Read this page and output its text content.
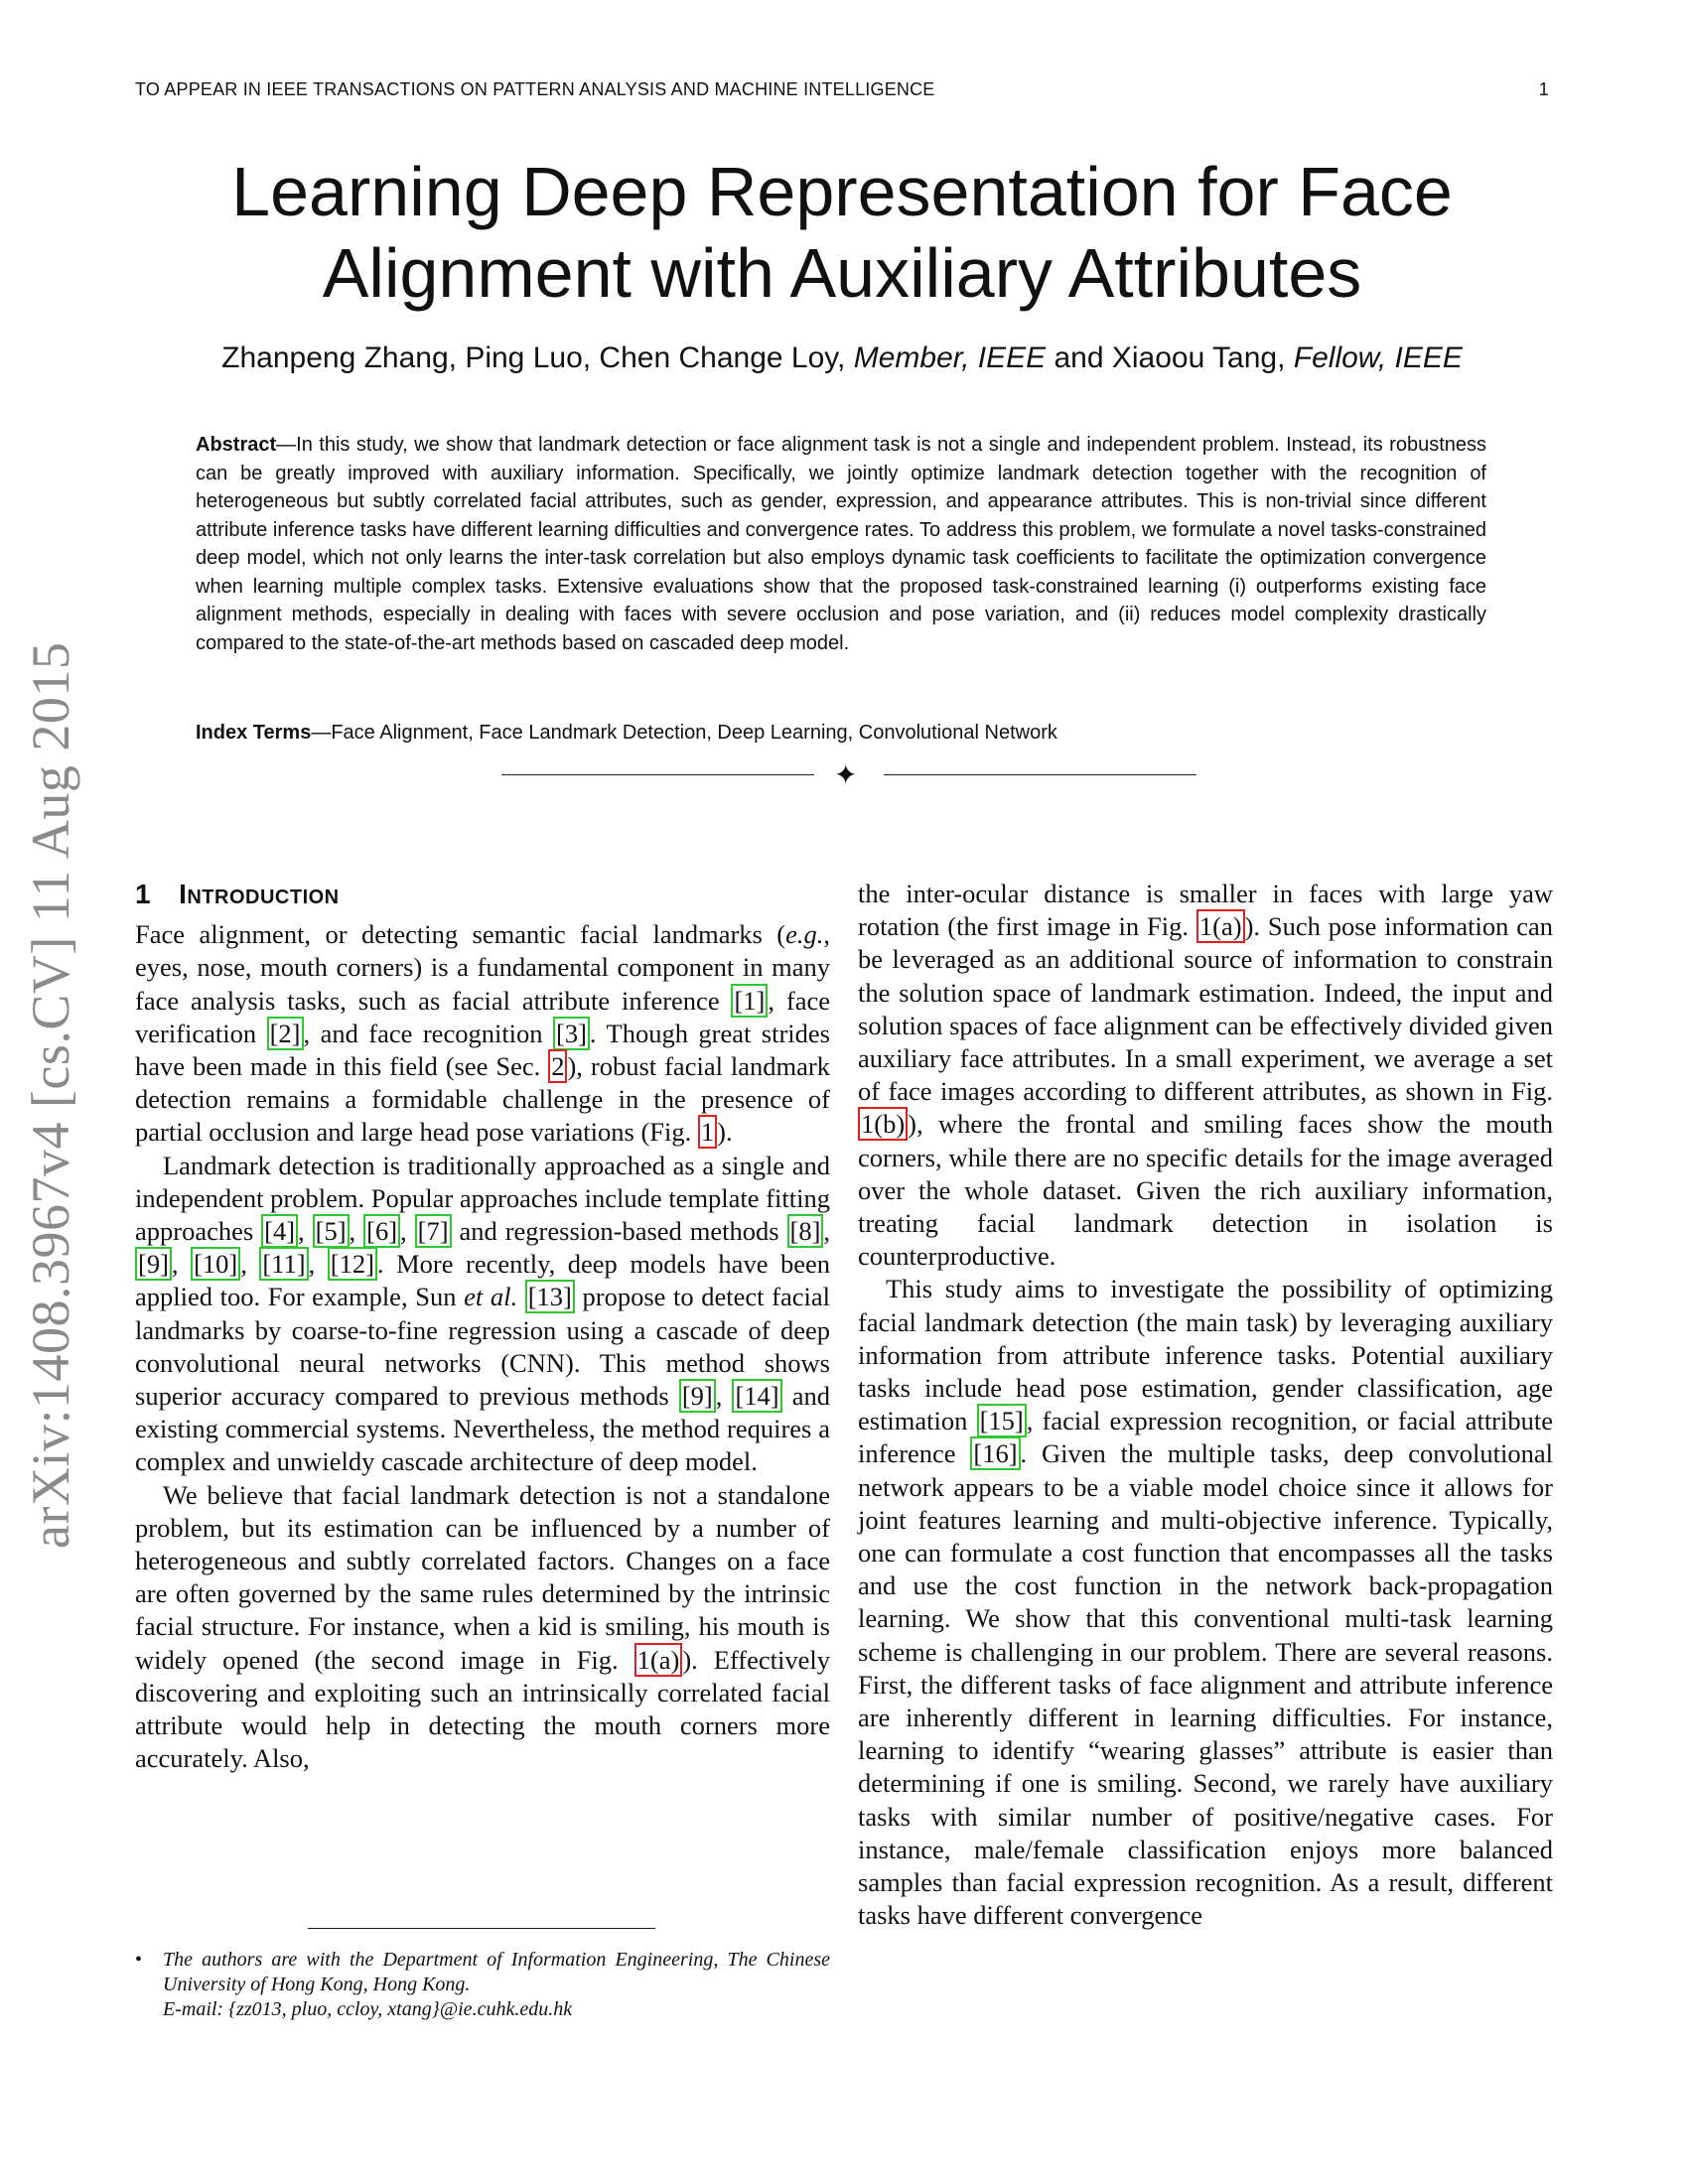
TO APPEAR IN IEEE TRANSACTIONS ON PATTERN ANALYSIS AND MACHINE INTELLIGENCE	1
arXiv:1408.3967v4 [cs.CV] 11 Aug 2015
Learning Deep Representation for Face
Alignment with Auxiliary Attributes
Zhanpeng Zhang, Ping Luo, Chen Change Loy, Member, IEEE and Xiaoou Tang, Fellow, IEEE
Abstract—In this study, we show that landmark detection or face alignment task is not a single and independent problem. Instead, its robustness can be greatly improved with auxiliary information. Specifically, we jointly optimize landmark detection together with the recognition of heterogeneous but subtly correlated facial attributes, such as gender, expression, and appearance attributes. This is non-trivial since different attribute inference tasks have different learning difficulties and convergence rates. To address this problem, we formulate a novel tasks-constrained deep model, which not only learns the inter-task correlation but also employs dynamic task coefficients to facilitate the optimization convergence when learning multiple complex tasks. Extensive evaluations show that the proposed task-constrained learning (i) outperforms existing face alignment methods, especially in dealing with faces with severe occlusion and pose variation, and (ii) reduces model complexity drastically compared to the state-of-the-art methods based on cascaded deep model.
Index Terms—Face Alignment, Face Landmark Detection, Deep Learning, Convolutional Network
✦
1 Introduction

Face alignment, or detecting semantic facial landmarks (e.g., eyes, nose, mouth corners) is a fundamental component in many face analysis tasks, such as facial attribute inference [1] , face verification [2] , and face recognition [3] . Though great strides have been made in this field (see Sec. 2 ), robust facial landmark detection remains a formidable challenge in the presence of partial occlusion and large head pose variations (Fig. 1 ).

Landmark detection is traditionally approached as a single and independent problem. Popular approaches include template fitting approaches [4] , [5] , [6] , [7] and regression-based methods [8] , [9] , [10] , [11] , [12] . More recently, deep models have been applied too. For example, Sun et al. [13] propose to detect facial landmarks by coarse-to-fine regression using a cascade of deep convolutional neural networks (CNN). This method shows superior accuracy compared to previous methods [9] , [14] and existing commercial systems. Nevertheless, the method requires a complex and unwieldy cascade architecture of deep model.

We believe that facial landmark detection is not a standalone problem, but its estimation can be influenced by a number of heterogeneous and subtly correlated factors. Changes on a face are often governed by the same rules determined by the intrinsic facial structure. For instance, when a kid is smiling, his mouth is widely opened (the second image in Fig. 1(a) ). Effectively discovering and exploiting such an intrinsically correlated facial attribute would help in detecting the mouth corners more accurately. Also,

the inter-ocular distance is smaller in faces with large yaw rotation (the first image in Fig. 1(a) ). Such pose information can be leveraged as an additional source of information to constrain the solution space of landmark estimation. Indeed, the input and solution spaces of face alignment can be effectively divided given auxiliary face attributes. In a small experiment, we average a set of face images according to different attributes, as shown in Fig. 1(b) ), where the frontal and smiling faces show the mouth corners, while there are no specific details for the image averaged over the whole dataset. Given the rich auxiliary information, treating facial landmark detection in isolation is counterproductive.

This study aims to investigate the possibility of optimizing facial landmark detection (the main task) by leveraging auxiliary information from attribute inference tasks. Potential auxiliary tasks include head pose estimation, gender classification, age estimation [15] , facial expression recognition, or facial attribute inference [16] . Given the multiple tasks, deep convolutional network appears to be a viable model choice since it allows for joint features learning and multi-objective inference. Typically, one can formulate a cost function that encompasses all the tasks and use the cost function in the network back-propagation learning. We show that this conventional multi-task learning scheme is challenging in our problem. There are several reasons. First, the different tasks of face alignment and attribute inference are inherently different in learning difficulties. For instance, learning to identify “wearing glasses” attribute is easier than determining if one is smiling. Second, we rarely have auxiliary tasks with similar number of positive/negative cases. For instance, male/female classification enjoys more balanced samples than facial expression recognition. As a result, different tasks have different convergence

• The authors are with the Department of Information Engineering, The Chinese University of Hong Kong, Hong Kong.
E-mail: {zz013, pluo, ccloy, xtang}@ie.cuhk.edu.hk
